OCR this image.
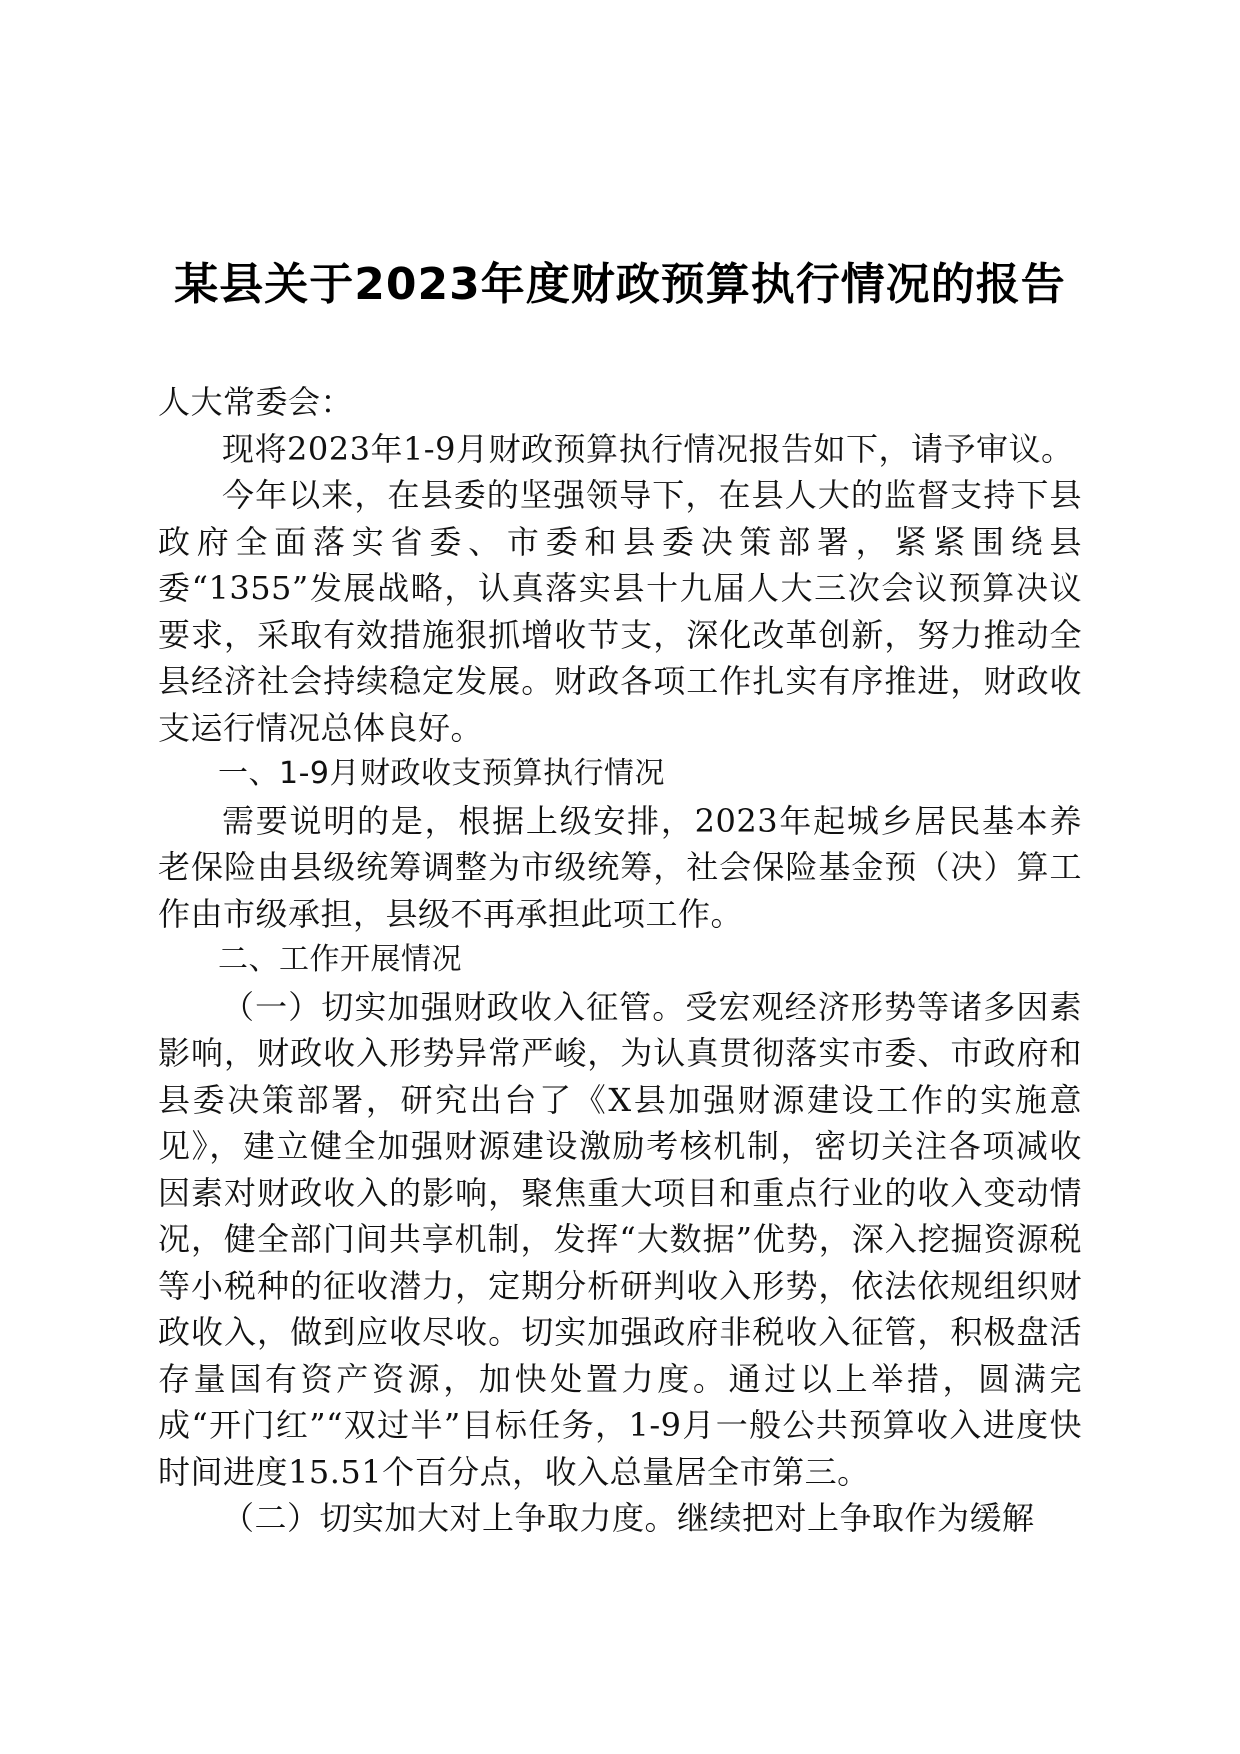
某县关于2023年度财政预算执行情况的报告

人大常委会：

现将2023年1-9月财政预算执行情况报告如下，请予审议。

今年以来，在县委的坚强领导下，在县人大的监督支持下县政府全面落实省委、市委和县委决策部署，紧紧围绕县委“1355”发展战略，认真落实县十九届人大三次会议预算决议要求，采取有效措施狠抓增收节支，深化改革创新，努力推动全县经济社会持续稳定发展。财政各项工作扎实有序推进，财政收支运行情况总体良好。

一、1-9月财政收支预算执行情况

需要说明的是，根据上级安排，2023年起城乡居民基本养老保险由县级统筹调整为市级统筹，社会保险基金预（决）算工作由市级承担，县级不再承担此项工作。

二、工作开展情况

（一）切实加强财政收入征管。受宏观经济形势等诸多因素影响，财政收入形势异常严峻，为认真贯彻落实市委、市政府和县委决策部署，研究出台了《X县加强财源建设工作的实施意见》，建立健全加强财源建设激励考核机制，密切关注各项减收因素对财政收入的影响，聚焦重大项目和重点行业的收入变动情况，健全部门间共享机制，发挥“大数据”优势，深入挖掘资源税等小税种的征收潜力，定期分析研判收入形势，依法依规组织财政收入，做到应收尽收。切实加强政府非税收入征管，积极盘活存量国有资产资源，加快处置力度。通过以上举措，圆满完成“开门红”“双过半”目标任务，1-9月一般公共预算收入进度快时间进度15.51个百分点，收入总量居全市第三。

（二）切实加大对上争取力度。继续把对上争取作为缓解
